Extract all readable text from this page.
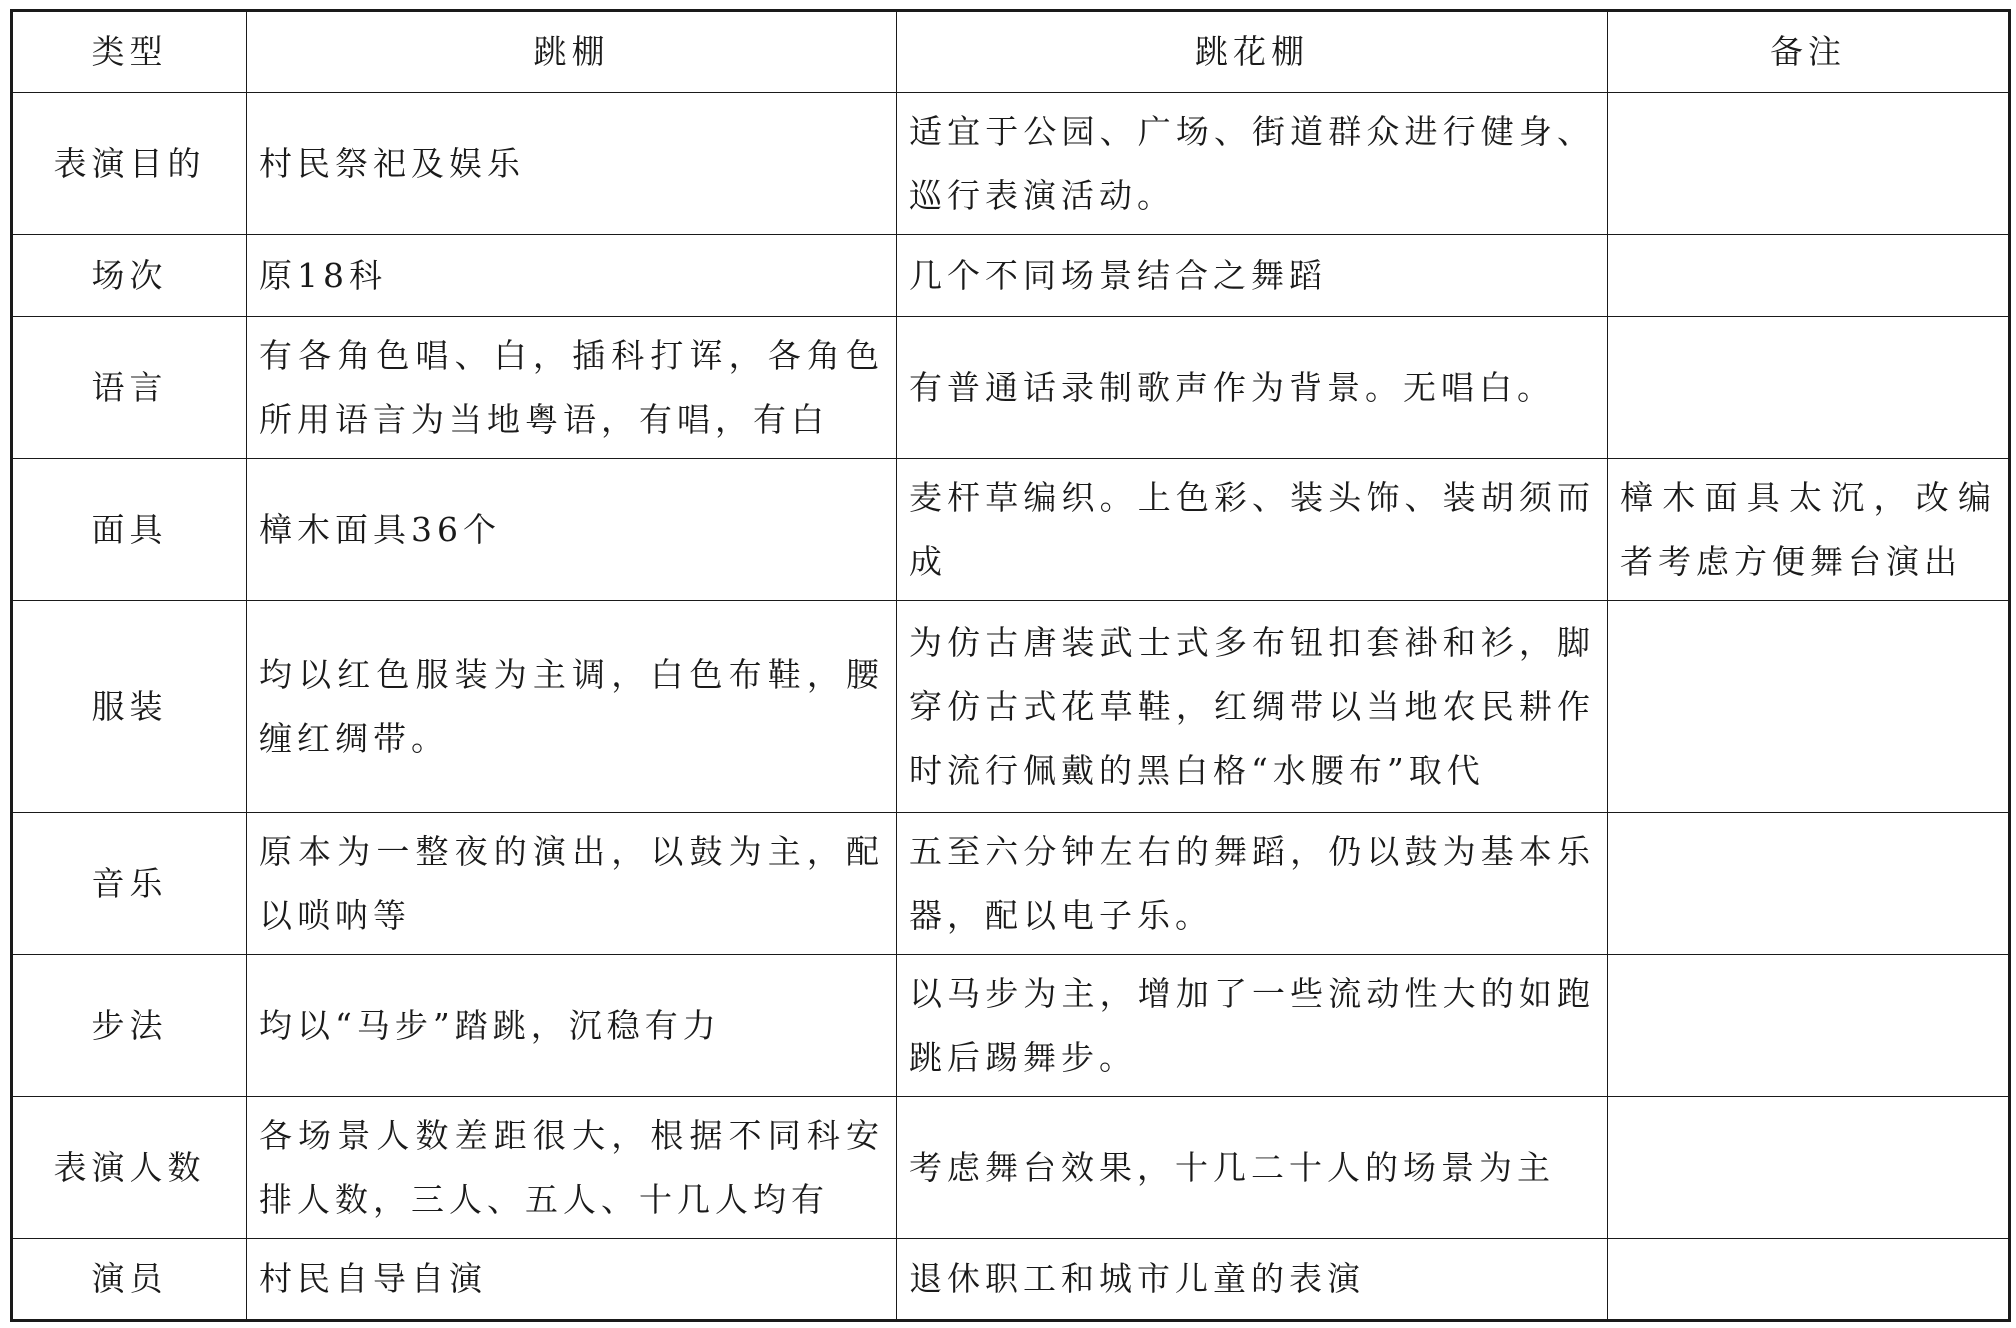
类型	跳棚	跳花棚	备注
表演目的	村民祭祀及娱乐	适宜于公园、广场、街道群众进行健身、巡行表演活动。	
场次	原18科	几个不同场景结合之舞蹈	
语言	有各角色唱、白，插科打诨，各角色所用语言为当地粤语，有唱，有白	有普通话录制歌声作为背景。无唱白。	
面具	樟木面具36个	麦杆草编织。上色彩、装头饰、装胡须而成	樟木面具太沉，改编者考虑方便舞台演出
服装	均以红色服装为主调，白色布鞋，腰缠红绸带。	为仿古唐装武士式多布钮扣套褂和衫，脚穿仿古式花草鞋，红绸带以当地农民耕作时流行佩戴的黑白格“水腰布”取代	
音乐	原本为一整夜的演出，以鼓为主，配以唢呐等	五至六分钟左右的舞蹈，仍以鼓为基本乐器，配以电子乐。	
步法	均以“马步”踏跳，沉稳有力	以马步为主，增加了一些流动性大的如跑跳后踢舞步。	
表演人数	各场景人数差距很大，根据不同科安排人数，三人、五人、十几人均有	考虑舞台效果，十几二十人的场景为主	
演员	村民自导自演	退休职工和城市儿童的表演	
